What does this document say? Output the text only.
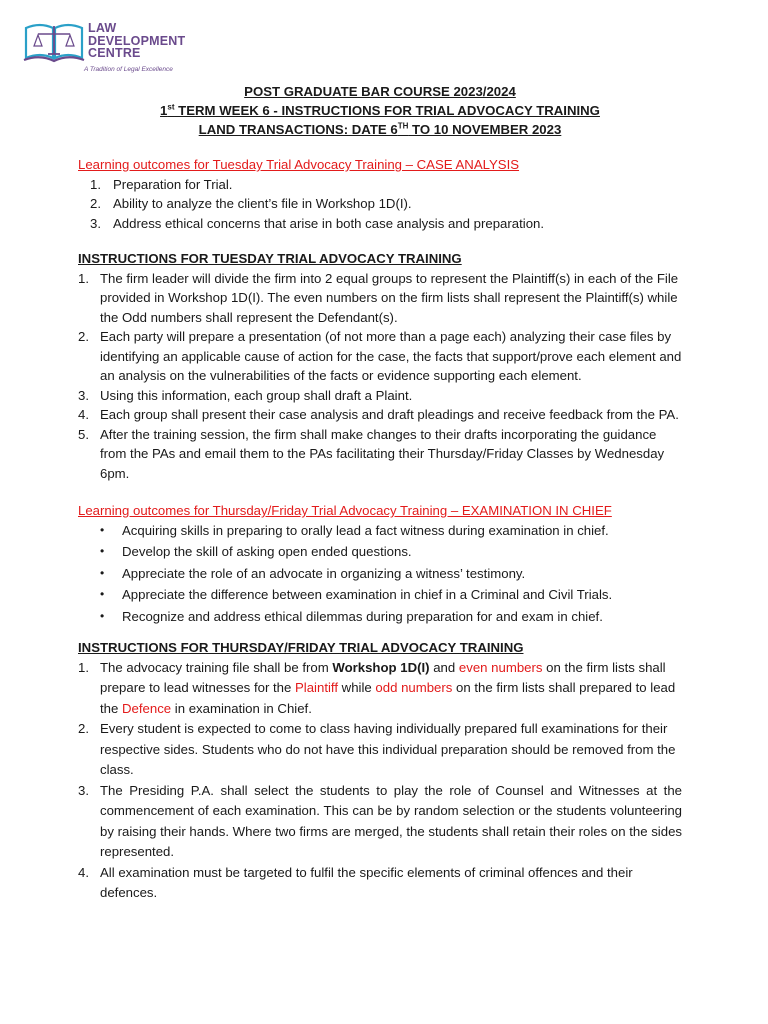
LAW
DEVELOPMENT
CENTRE
A Tradition of Legal Excellence
POST GRADUATE BAR COURSE 2023/2024
1st TERM WEEK 6 - INSTRUCTIONS FOR TRIAL ADVOCACY TRAINING
LAND TRANSACTIONS: DATE 6TH TO 10 NOVEMBER 2023
Learning outcomes for Tuesday Trial Advocacy Training – CASE ANALYSIS
1. Preparation for Trial.
2. Ability to analyze the client’s file in Workshop 1D(I).
3. Address ethical concerns that arise in both case analysis and preparation.
INSTRUCTIONS FOR TUESDAY TRIAL ADVOCACY TRAINING
1. The firm leader will divide the firm into 2 equal groups to represent the Plaintiff(s) in each of the File provided in Workshop 1D(I). The even numbers on the firm lists shall represent the Plaintiff(s) while the Odd numbers shall represent the Defendant(s).
2. Each party will prepare a presentation (of not more than a page each) analyzing their case files by identifying an applicable cause of action for the case, the facts that support/prove each element and an analysis on the vulnerabilities of the facts or evidence supporting each element.
3. Using this information, each group shall draft a Plaint.
4. Each group shall present their case analysis and draft pleadings and receive feedback from the PA.
5. After the training session, the firm shall make changes to their drafts incorporating the guidance from the PAs and email them to the PAs facilitating their Thursday/Friday Classes by Wednesday 6pm.
Learning outcomes for Thursday/Friday Trial Advocacy Training – EXAMINATION IN CHIEF
• Acquiring skills in preparing to orally lead a fact witness during examination in chief.
• Develop the skill of asking open ended questions.
• Appreciate the role of an advocate in organizing a witness’ testimony.
• Appreciate the difference between examination in chief in a Criminal and Civil Trials.
• Recognize and address ethical dilemmas during preparation for and exam in chief.
INSTRUCTIONS FOR THURSDAY/FRIDAY TRIAL ADVOCACY TRAINING
1. The advocacy training file shall be from Workshop 1D(I) and even numbers on the firm lists shall prepare to lead witnesses for the Plaintiff while odd numbers on the firm lists shall prepared to lead the Defence in examination in Chief.
2. Every student is expected to come to class having individually prepared full examinations for their respective sides. Students who do not have this individual preparation should be removed from the class.
3. The Presiding P.A. shall select the students to play the role of Counsel and Witnesses at the commencement of each examination. This can be by random selection or the students volunteering by raising their hands. Where two firms are merged, the students shall retain their roles on the sides represented.
4. All examination must be targeted to fulfil the specific elements of criminal offences and their defences.
